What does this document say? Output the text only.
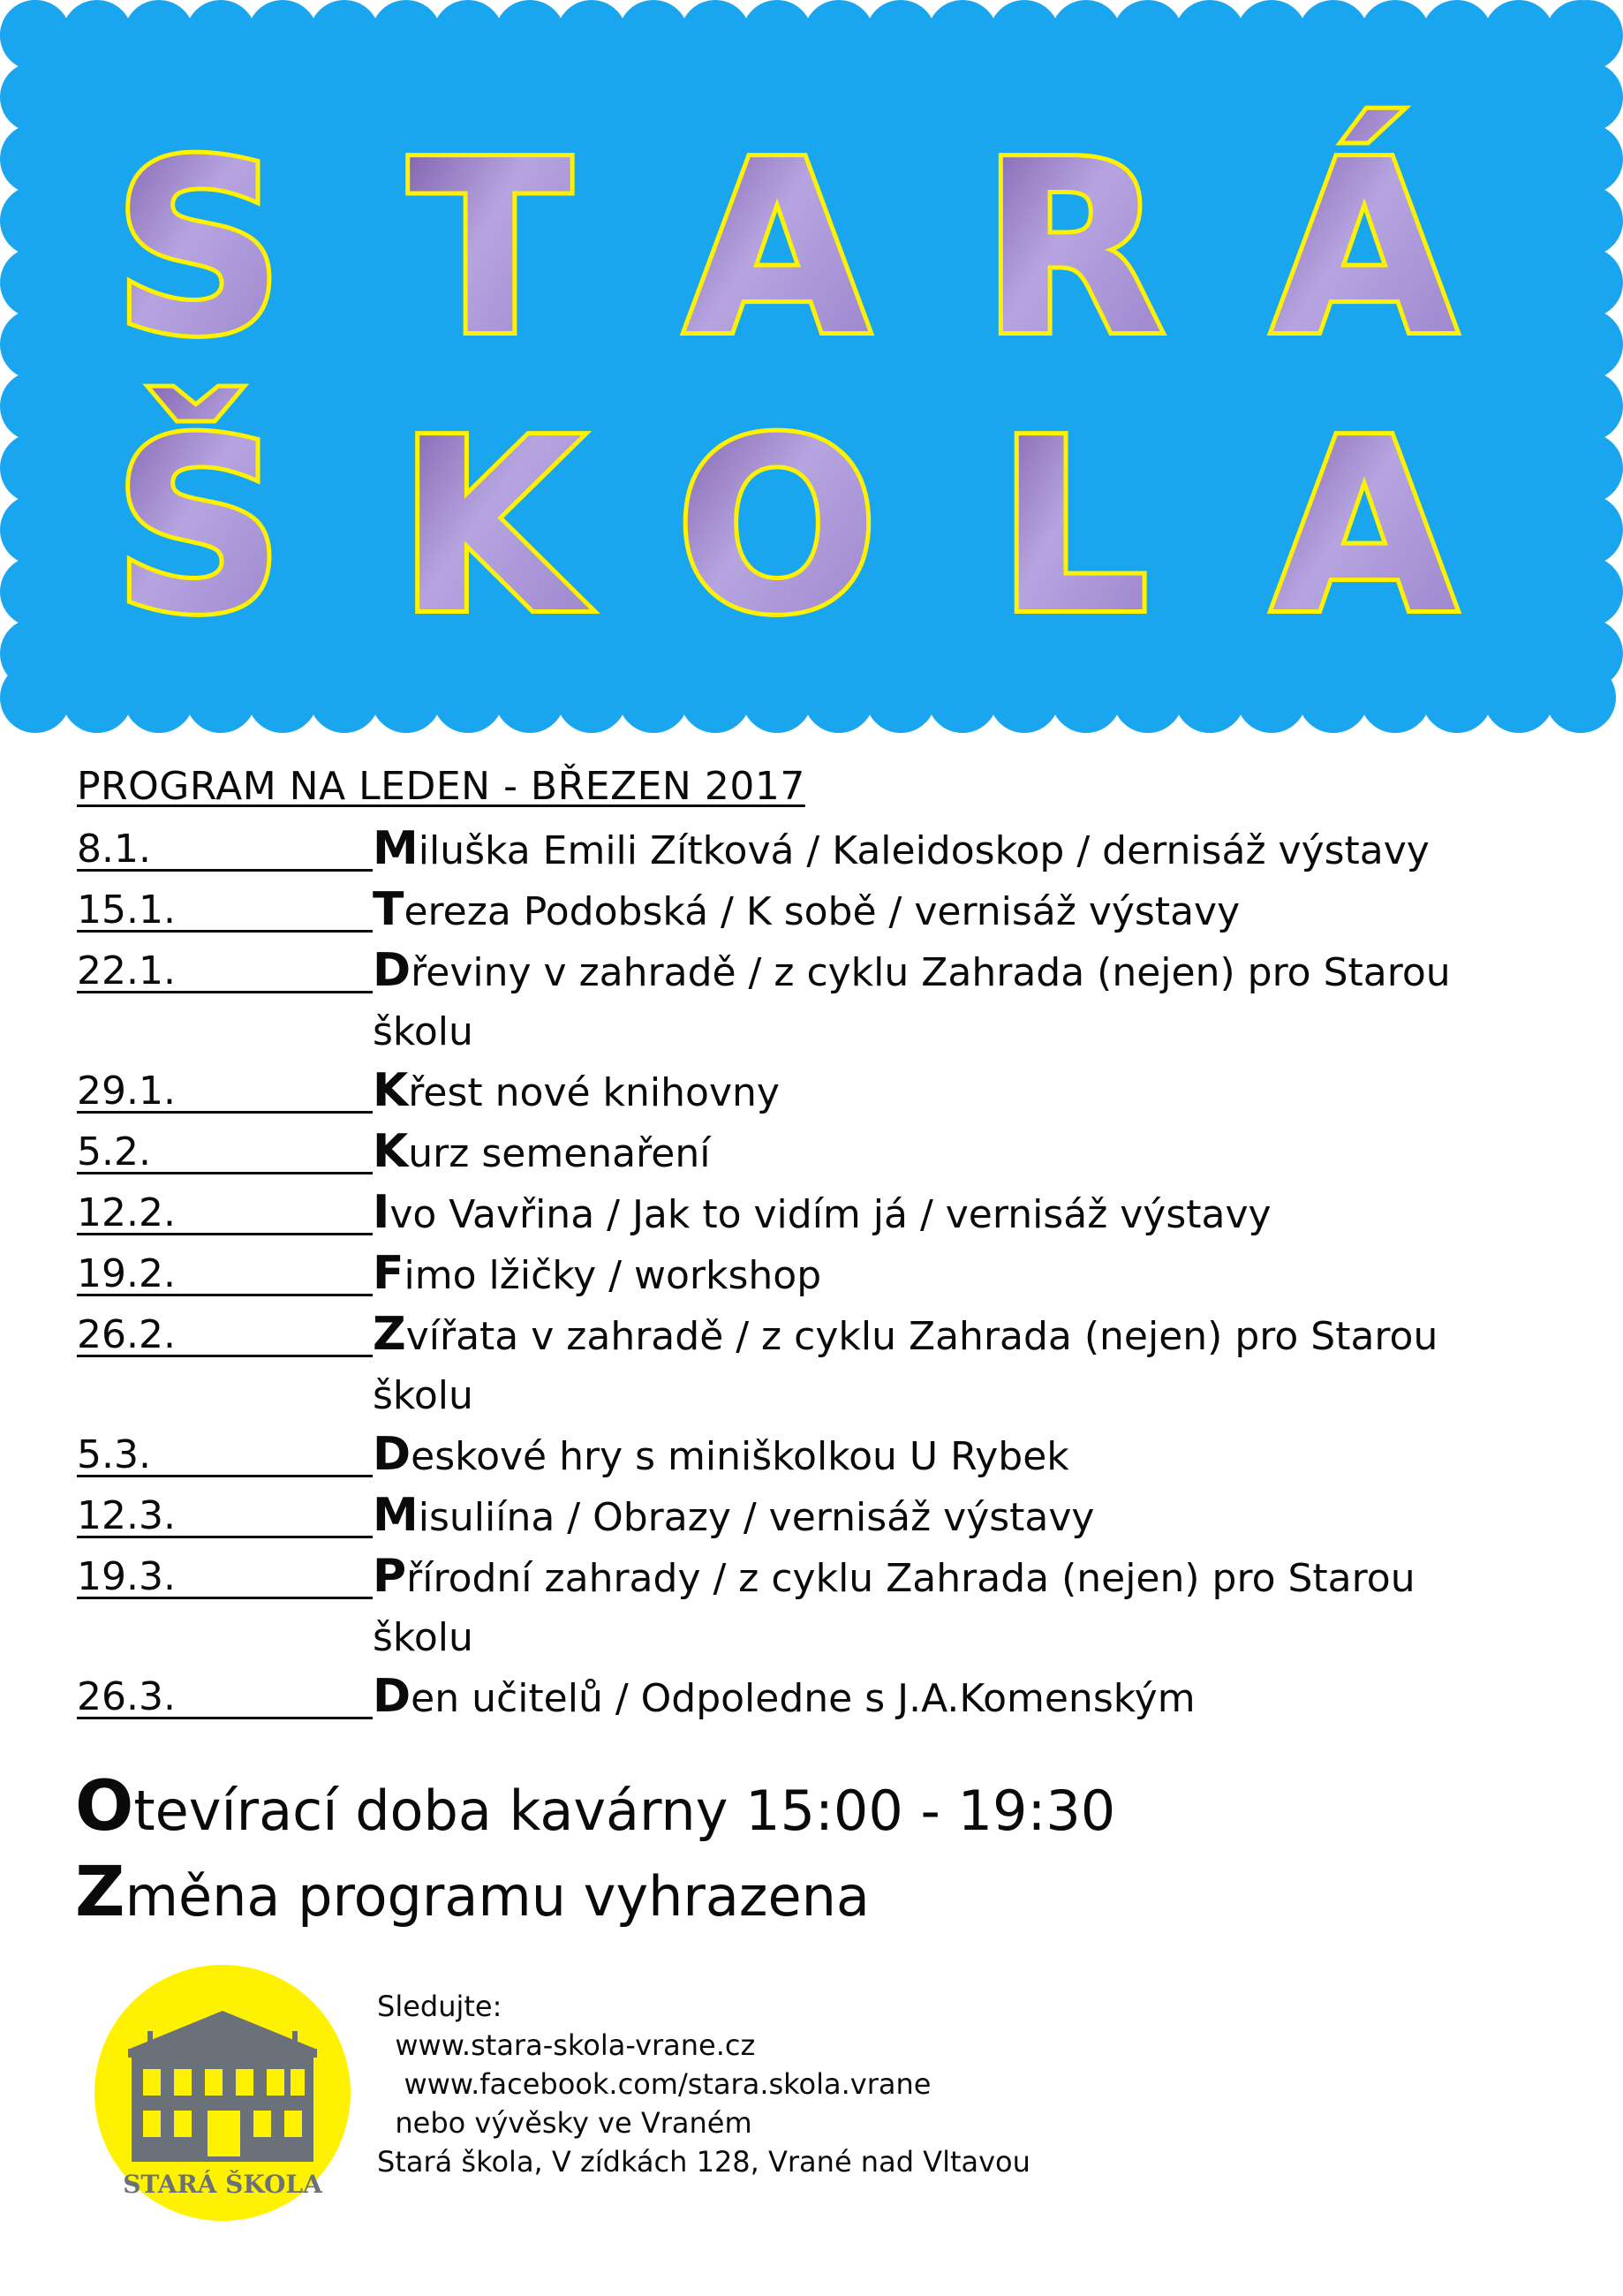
S T A R Á
Š K O L A
PROGRAM NA LEDEN - BŘEZEN 2017
8.1.	Miluška Emili Zítková / Kaleidoskop / dernisáž výstavy
15.1.	Tereza Podobská / K sobě / vernisáž výstavy
22.1.	Dřeviny v zahradě / z cyklu Zahrada (nejen) pro Starou
školu
29.1.	Křest nové knihovny
5.2.	Kurz semenaření
12.2.	Ivo Vavřina / Jak to vidím já / vernisáž výstavy
19.2.	Fimo lžičky / workshop
26.2.	Zvířata v zahradě / z cyklu Zahrada (nejen) pro Starou
školu
5.3.	Deskové hry s miniškolkou U Rybek
12.3.	Misuliína / Obrazy / vernisáž výstavy
19.3.	Přírodní zahrady / z cyklu Zahrada (nejen) pro Starou
školu
26.3.	Den učitelů / Odpoledne s J.A.Komenským
Otevírací doba kavárny 15:00 - 19:30
Změna programu vyhrazena
STARÁ ŠKOLA
Sledujte:
www.stara-skola-vrane.cz
www.facebook.com/stara.skola.vrane
nebo vývěsky ve Vraném
Stará škola, V zídkách 128, Vrané nad Vltavou
